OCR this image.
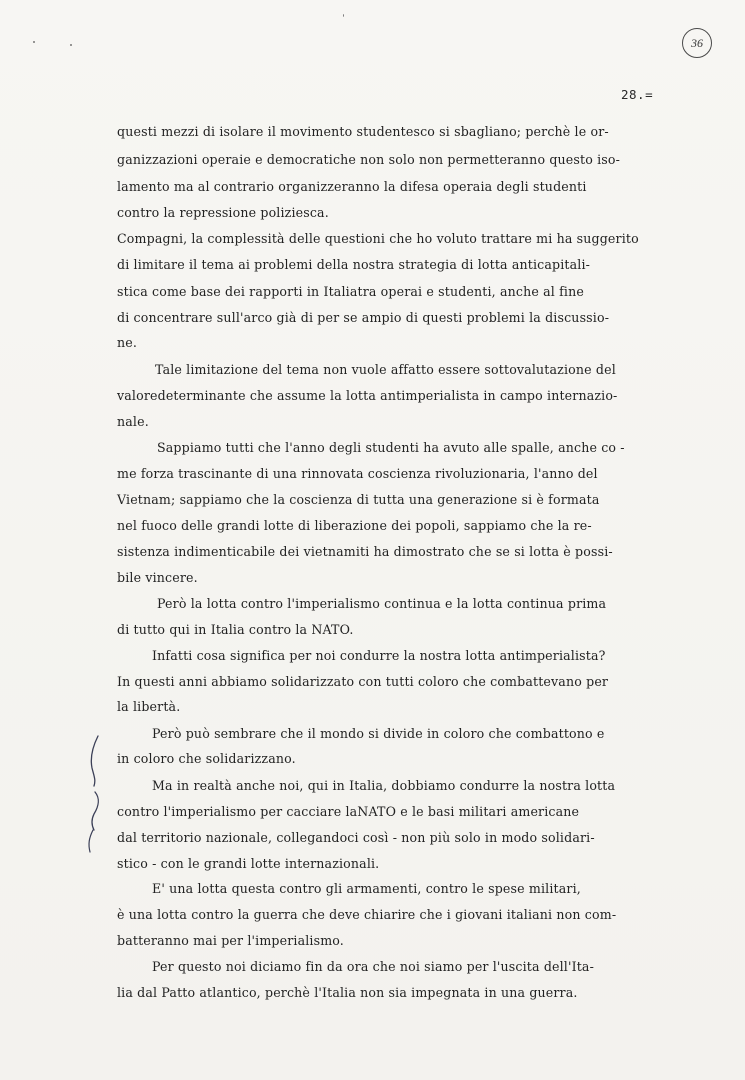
36
28.=
questi mezzi di isolare il movimento studentesco si sbagliano; perchè le or-
ganizzazioni operaie e democratiche non solo non permetteranno questo iso-
lamento ma al contrario organizzeranno la difesa operaia degli studenti
contro la repressione poliziesca.
Compagni, la complessità delle questioni che ho voluto trattare mi ha suggerito
di limitare il tema ai problemi della nostra strategia di lotta anticapitali-
stica come base dei rapporti in Italiatra operai e studenti, anche al fine
di concentrare sull'arco già di per se ampio di questi problemi la discussio-
ne.
Tale limitazione del tema non vuole affatto essere sottovalutazione del
valoredeterminante che assume la lotta antimperialista in campo internazio-
nale.
Sappiamo tutti che l'anno degli studenti ha avuto alle spalle, anche co -
me forza trascinante di una rinnovata coscienza rivoluzionaria, l'anno del
Vietnam; sappiamo che la coscienza di tutta una generazione si è formata
nel fuoco delle grandi lotte di liberazione dei popoli, sappiamo che la re-
sistenza indimenticabile dei vietnamiti ha dimostrato che se si lotta è possi-
bile vincere.
Però la lotta contro l'imperialismo continua e la lotta continua prima
di tutto qui in Italia contro la NATO.
Infatti cosa significa per noi condurre la nostra lotta antimperialista?
In questi anni abbiamo solidarizzato con tutti coloro che combattevano per
la libertà.
Però può sembrare che il mondo si divide in coloro che combattono e
in coloro che solidarizzano.
Ma in realtà anche noi, qui in Italia, dobbiamo condurre la nostra lotta
contro l'imperialismo per cacciare laNATO e le basi militari americane
dal territorio nazionale, collegandoci così - non più solo in modo solidari-
stico - con le grandi lotte internazionali.
E' una lotta questa contro gli armamenti, contro le spese militari,
è una lotta contro la guerra che deve chiarire che i giovani italiani non com-
batteranno mai per l'imperialismo.
Per questo noi diciamo fin da ora che noi siamo per l'uscita dell'Ita-
lia dal Patto atlantico, perchè l'Italia non sia impegnata in una guerra.
